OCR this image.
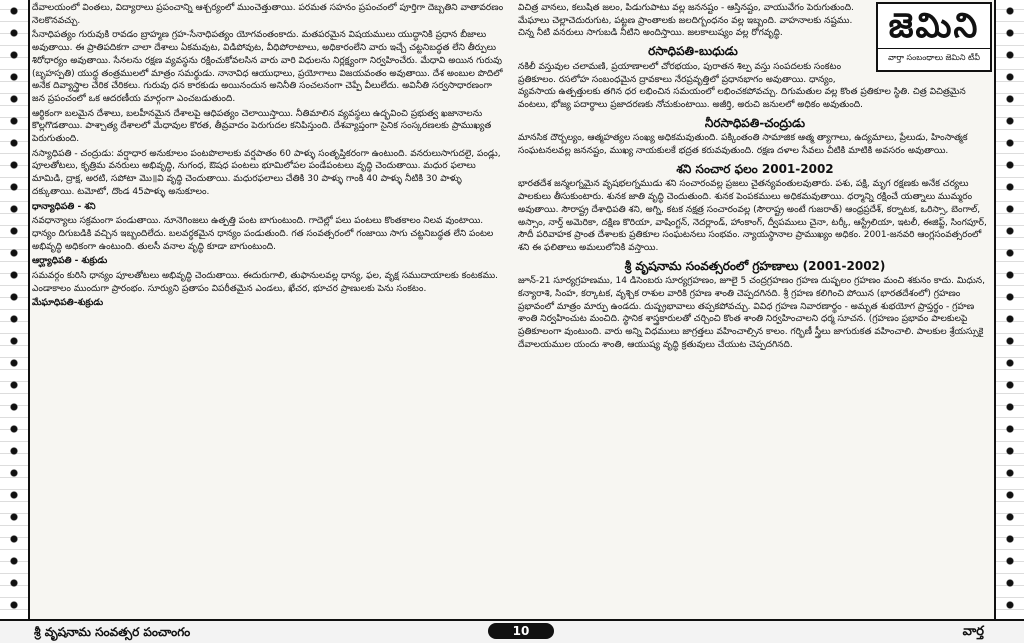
దేవాలయంలో వింతలు, విద్యారాలు ప్రపంచాన్ని ఆశ్చర్యంలో ముంచెత్తుతాయి. పరమత సహనం ప్రపంచంలో పూర్తిగా దెబ్బతిని వాతావరణం నెలకొనవచ్చు.

సేనాధిపత్యం గురువుకి రావడం బ్రాహ్మణ గ్రహ-సేనాధిపత్యం యోగవంతంకాదు. మతపరమైన విషయములు యుద్ధానికి ప్రధాన బీజాలు అవుతాయి. ఈ ప్రాతిపదికగా చాలా దేశాలు ఏకమవుట, విడిపోవుట, వీధిపోరాటాలు, అధికారంలేని వారు ఇచ్చే చట్టనిబద్ధత లేని తీర్పులు శిరోధార్యం అవుతాయి. సేనలను రక్షణ వ్యవస్థను రక్షించుకోవలసిన వారు వారి విధులను నిర్లక్ష్యంగా నిర్వహించేరు. మేధావి అయిన గురువు (బృహస్పతి) యుద్ధ తంత్రములలో మాత్రం సమర్థుడు. నానావిధ ఆయుధాలు, ప్రయోగాలు విజయవంతం అవుతాయి. దేశ అంబుల పొదిలో అనేక దివ్యాస్త్రాల చేరిక చేరికలు. గురువు ధన కారకుడు అయినందున అనినీతి సంచలనంగా చెప్పే వీలులేదు. అవినీతి సర్వసాధారణంగా జన ప్రపంచంలో ఒక ఆదరణీయ మార్గంగా ఎంచబడుతుంది.

ఆర్థికంగా బలమైన దేశాలు, బలహీనమైన దేశాలపై ఆధిపత్యం చెలాయిస్తాయి. నీతిమాలిన వ్యవస్థలు ఉద్భవించి ప్రభుత్వ ఖజానాలను కొల్లగొడతాయి. పాశ్చాత్య దేశాలలో మేధావుల కొరత, తీవ్రవాదం పెరుగుదల కనిపిస్తుంది. దేశవ్యాప్తంగా సైనిక సంస్కరణలకు ప్రాముఖ్యత పెరుగుతుంది.

నస్యాధిపతి - చంద్రుడు: వర్షాధార అనుకూలం పంటపొలాలకు వర్షపాతం 60 పాళ్ళు సంతృప్తికరంగా ఉంటుంది. వనరులుసాగుదలై, పండ్లు, పూలతోటలు, కృత్రిమ వనరులు అభివృద్ధి, నుగంధ, ఔషధ పంటలు భూమిలోపల పండేపంటలు వృద్ధి చెందుతాయి. మధుర ఫలాలు మామిడి, ద్రాక్ష, అరటి, సపోటా మొ॥వి వృద్ధి చెందుతాయి. మధురఫలాలు చేతికి 30 పాళ్ళు గాంకి 40 పాళ్ళు నీటికి 30 పాళ్ళు దక్కుతాయి. టమోటో, దొండ 45పాళ్ళు అనుకూలం.

ధాన్యాధిపతి - శని

నవధాన్యాలు సక్రమంగా పండుతాయి. నూనెగింజలు ఉత్పత్తి పంట బాగుంటుంది. గాదెల్లో పలు పంటలు కొంతకాలం నిలవ వుంటాయి. ధాన్యం దిగుబడికి వచ్చిన ఇబ్బందిలేదు. బలవర్ధకమైన ధాన్యం పండుతుంది. గత సంవత్సరంలో గంజాయి సాగు చట్టనిబద్ధత లేని పంటల అభివృద్ధి అధికంగా ఉంటుంది. తులసీ వనాల వృద్ధి కూడా బాగుంటుంది.

ఆర్ఘ్యాధిపతి - శుక్రుడు

సమవర్గం కురిసి ధాన్యం పూలతోటలు అభివృద్ధి చెందుతాయి. ఈదురుగాలి, తుఫానులవల్ల ధాన్య, ఫల, వృక్ష సముదాయాలకు కంటకము. ఎండాకాలం ముందుగా ప్రారంభం. సూర్యుని ప్రతాపం విపరీతమైన ఎండలు, ఖేచర, భూచర ప్రాణులకు పెను సంకటం.

మేఘాధిపతి-శుక్రుడు

జెమిని
వార్తా సంబంధాలు జెమిని టీవీ

విచిత్ర వానలు, కలుషిత జలం, పిడుగుపాటు వల్ల జననష్టం - ఆస్తినష్టం, వాయువేగం పెరుగుతుంది. మేఘాలు చెల్లాచెదురుగుట, పట్టణ ప్రాంతాలకు జలదిగ్బంధనం వల్ల ఇబ్బంది. వాహనాలకు నష్టము. చిన్న నీటి వనరులు సాగుబడి నీటిని అందిస్తాయి. జలకాలుష్యం వల్ల రోగవృద్ధి.

రసాధిపతి-బుధుడు

నకిలీ వస్తువుల చలామణి, ప్రయాణాలలో చోరభయం, పురాతన శిల్ప వస్తు సంపదలకు సంకటం ప్రతికూలం. రసలోహ సంబంధమైన ద్రావకాలు నేరప్రవృత్తిలో ప్రధానభాగం అవుతాయి. ధాన్యం, వ్యవసాయ ఉత్పత్తులకు తగిన ధర లభించిన సమయంలో లభించకపోవచ్చు. దిగుమతుల వల్ల కొంత ప్రతికూల స్థితి. చిత్ర విచిత్రమైన వంటలు, భోజ్య పదార్థాలు ప్రజాదరణకు నోచుకుంటాయి. అజీర్తి, అరుచి జనులలో అధికం అవుతుంది.

నీరసాధిపతి-చంద్రుడు

మానసిక దౌర్బల్యం, ఆత్మహత్యల సంఖ్య అధికమవుతుంది. పక్కింతంతి సామాజిక ఆత్మ త్యాగాలు, ఉద్యమాలు, ప్రేలుడు, హింసాత్మక సంఘటనలవల్ల జననష్టం, ముఖ్య నాయకులకే భద్రత కరువవుతుంది. రక్షణ దళాల సేవలు చీటికి మాటికి అవసరం అవుతాయి.

శని సంచార ఫలం 2001-2002

భారతదేశ జన్మలగ్నమైన వృషభలగ్నముడు శని సంచారంవల్ల ప్రజలు చైతన్యవంతులవుతారు. పశు, పక్షి, మృగ రక్షణకు అనేక చర్యలు పాలకులు తీసుకుంటారు. శునక జాతి వృద్ధి చెందుతుంది. శునక పెంపకములు అధికమవుతాయి. ధర్మాన్ని రక్షించే యత్నాలు ముమ్మరం అవుతాయి. సౌరాష్ట్ర దేశాధిపతి శని, అగ్ని, కటక నక్షత్ర సంచారంవల్ల (సౌరాష్ట్ర అంటే గుజరాత్) ఆంధ్రప్రదేశ్, కర్నాటక, ఒరిస్సా, బెంగాల్, అస్సాం, నార్త్ అమెరికా, దక్షిణ కొరియా, వాషింగ్టన్, నెదర్లాండ్, హాంకాంగ్, ద్వీపములు చైనా, టర్కీ, ఆస్ట్రేలియా, ఇటలీ, ఈజిప్ట్, సింగపూర్, సౌదీ పరివాహక ప్రాంత దేశాలకు ప్రతికూల సంఘటనలు సంభవం. న్యాయస్థానాల ప్రాముఖ్యం అధికం. 2001-జనవరి ఆంగ్లసంవత్సరంలో శని ఈ ఫలితాలు అమలులోనికి వస్తాయి.

శ్రీ వృషనామ సంవత్సరంలో గ్రహణాలు (2001-2002)

జూన్-21 సూర్యగ్రహణము, 14 డిసెంబరు సూర్యగ్రహణం, జూలై 5 చంద్రగ్రహణం గ్రహణ దుష్ఫలం గ్రహణం మంచి శకునం కాదు. మిధున, కన్యారాశి, సింహ, కర్కాటక, వృశ్చిక రాశుల వారికి గ్రహణ శాంతి చెప్పదగినది. శ్రీ గ్రహణ కలిగించి పోయిన (భారతదేశంలో) గ్రహణం ప్రభావంలో మాత్రం మార్పు ఉండదు. దుష్ప్రభావాలు తప్పకపోవచ్చు. వివిధ గ్రహణ నివారణార్థం - అమృత శుభయోగ ప్రాప్తర్థం - గ్రహణ శాంతి నిర్వహించుట మంచిది. స్థానిక శాస్త్రకారులతో చర్చించి కొంత శాంతి నిర్వహించాలని ధర్మ సూచన. (గ్రహణం ప్రభావం పాలకులపై ప్రతికూలంగా వుంటుంది. వారు అన్ని విధములు జాగ్రత్తలు వహించాల్సిన కాలం. గర్భిణీ స్త్రీలు జాగురుకత వహించాలి. పాలకుల శ్రేయస్సుకై దేవాలయముల యందు శాంతి, ఆయుష్య వృద్ధి క్రతువులు చేయుట చెప్పదగినది.

శ్రీ వృషనామ సంవత్సర పంచాంగం	10	వార్త
